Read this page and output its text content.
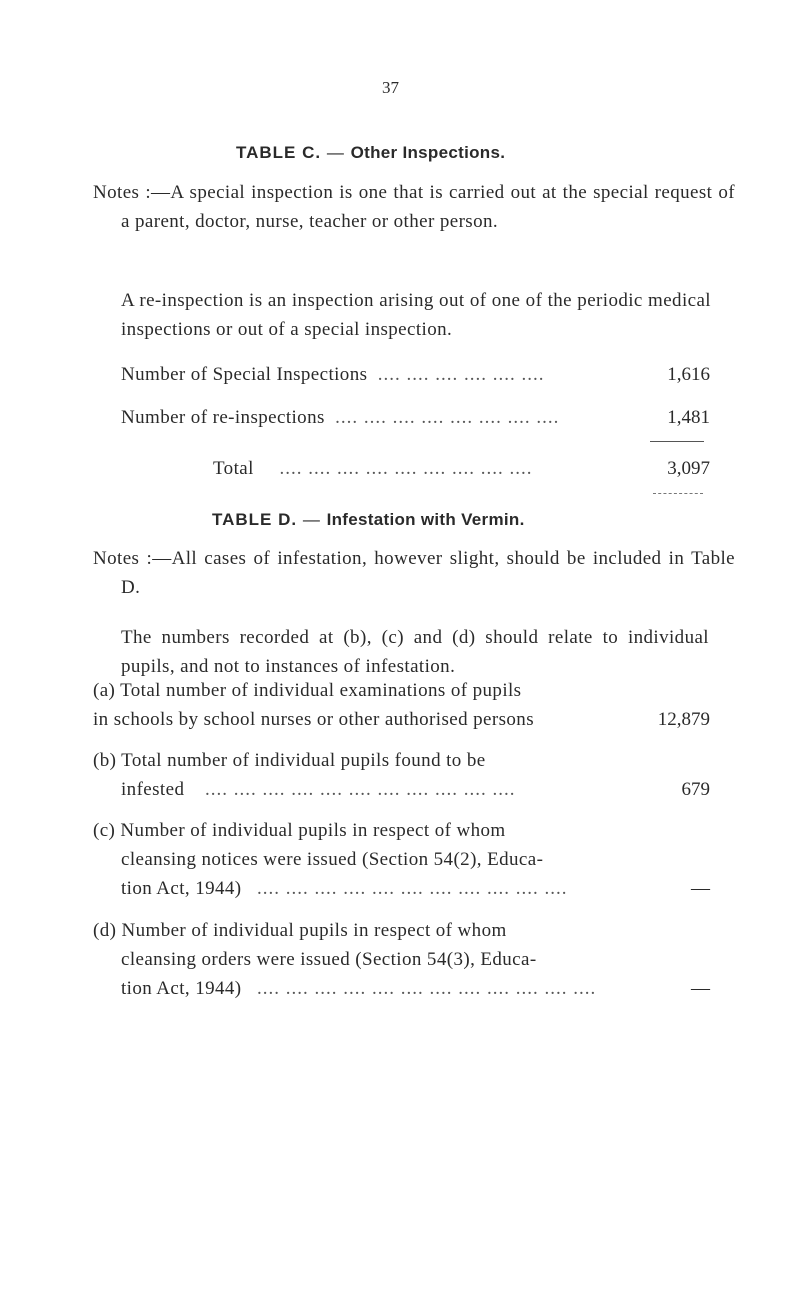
37
TABLE C. — Other Inspections.
Notes :—A special inspection is one that is carried out at the special request of a parent, doctor, nurse, teacher or other person.
A re-inspection is an inspection arising out of one of the periodic medical inspections or out of a special inspection.
Number of Special Inspections .... .... .... .... .... ....	1,616
Number of re-inspections .... .... .... .... .... .... .... ....	1,481
Total .... .... .... .... .... .... .... .... ....	3,097
TABLE D. — Infestation with Vermin.
Notes :—All cases of infestation, however slight, should be included in Table D.
The numbers recorded at (b), (c) and (d) should relate to individual pupils, and not to instances of infestation.
(a) Total number of individual examinations of pupils
in schools by school nurses or other authorised persons	12,879
(b) Total number of individual pupils found to be
infested .... .... .... .... .... .... .... .... .... .... ....	679
(c) Number of individual pupils in respect of whom
cleansing notices were issued (Section 54(2), Educa-
tion Act, 1944) .... .... .... .... .... .... .... .... .... .... ....	—
(d) Number of individual pupils in respect of whom
cleansing orders were issued (Section 54(3), Educa-
tion Act, 1944) .... .... .... .... .... .... .... .... .... .... .... ....	—
